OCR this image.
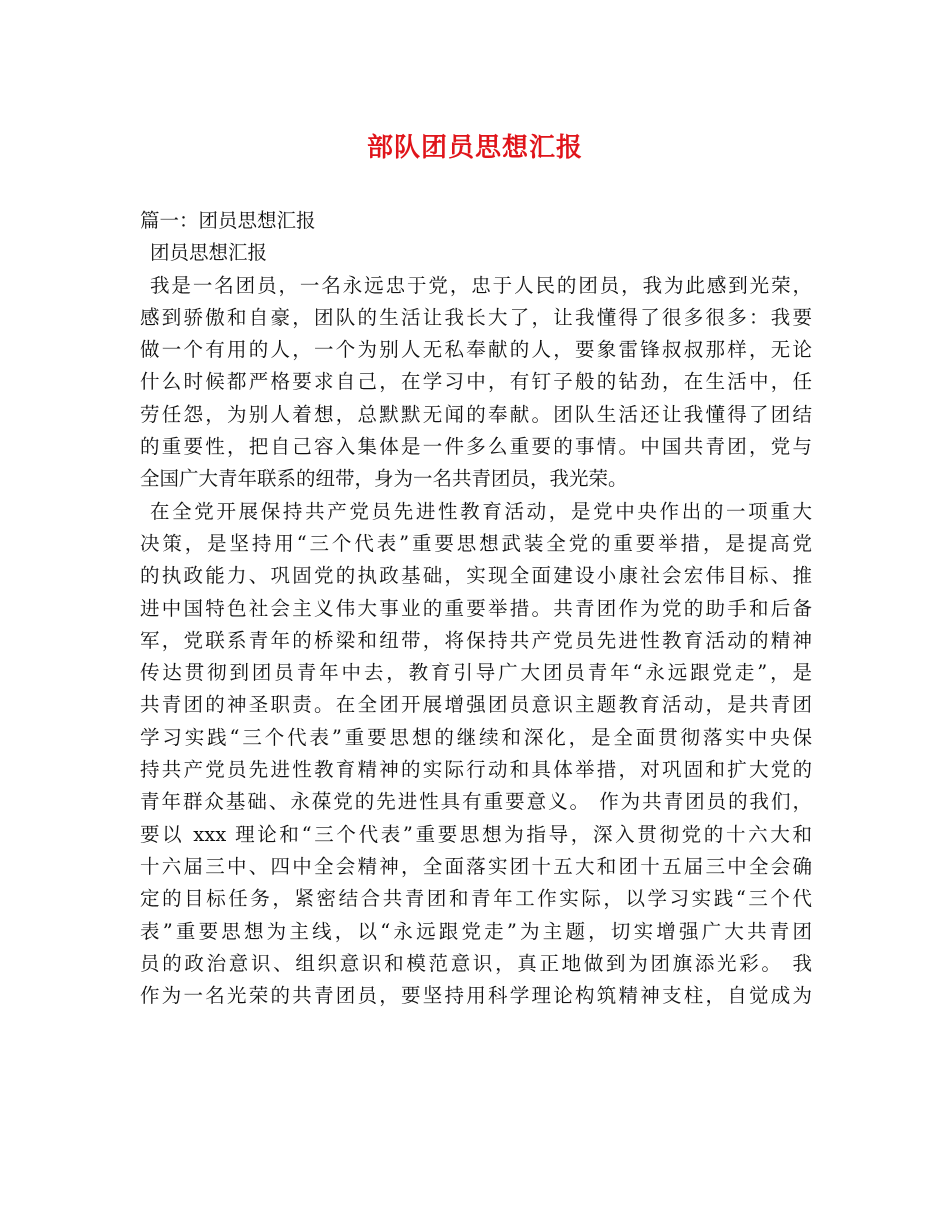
部队团员思想汇报
篇一：团员思想汇报
团员思想汇报
我是一名团员，一名永远忠于党，忠于人民的团员，我为此感到光荣，
感到骄傲和自豪，团队的生活让我长大了，让我懂得了很多很多：我要
做一个有用的人，一个为别人无私奉献的人，要象雷锋叔叔那样，无论
什么时候都严格要求自己，在学习中，有钉子般的钻劲，在生活中，任
劳任怨，为别人着想，总默默无闻的奉献。团队生活还让我懂得了团结
的重要性，把自己容入集体是一件多么重要的事情。中国共青团，党与
全国广大青年联系的纽带，身为一名共青团员，我光荣。
在全党开展保持共产党员先进性教育活动，是党中央作出的一项重大
决策，是坚持用“三个代表”重要思想武装全党的重要举措，是提高党
的执政能力、巩固党的执政基础，实现全面建设小康社会宏伟目标、推
进中国特色社会主义伟大事业的重要举措。共青团作为党的助手和后备
军，党联系青年的桥梁和纽带，将保持共产党员先进性教育活动的精神
传达贯彻到团员青年中去，教育引导广大团员青年“永远跟党走”，是
共青团的神圣职责。在全团开展增强团员意识主题教育活动，是共青团
学习实践“三个代表”重要思想的继续和深化，是全面贯彻落实中央保
持共产党员先进性教育精神的实际行动和具体举措，对巩固和扩大党的
青年群众基础、永葆党的先进性具有重要意义。 作为共青团员的我们，
要以 xxx 理论和“三个代表”重要思想为指导，深入贯彻党的十六大和
十六届三中、四中全会精神，全面落实团十五大和团十五届三中全会确
定的目标任务，紧密结合共青团和青年工作实际，以学习实践“三个代
表”重要思想为主线，以“永远跟党走”为主题，切实增强广大共青团
员的政治意识、组织意识和模范意识，真正地做到为团旗添光彩。 我
作为一名光荣的共青团员，要坚持用科学理论构筑精神支柱，自觉成为
